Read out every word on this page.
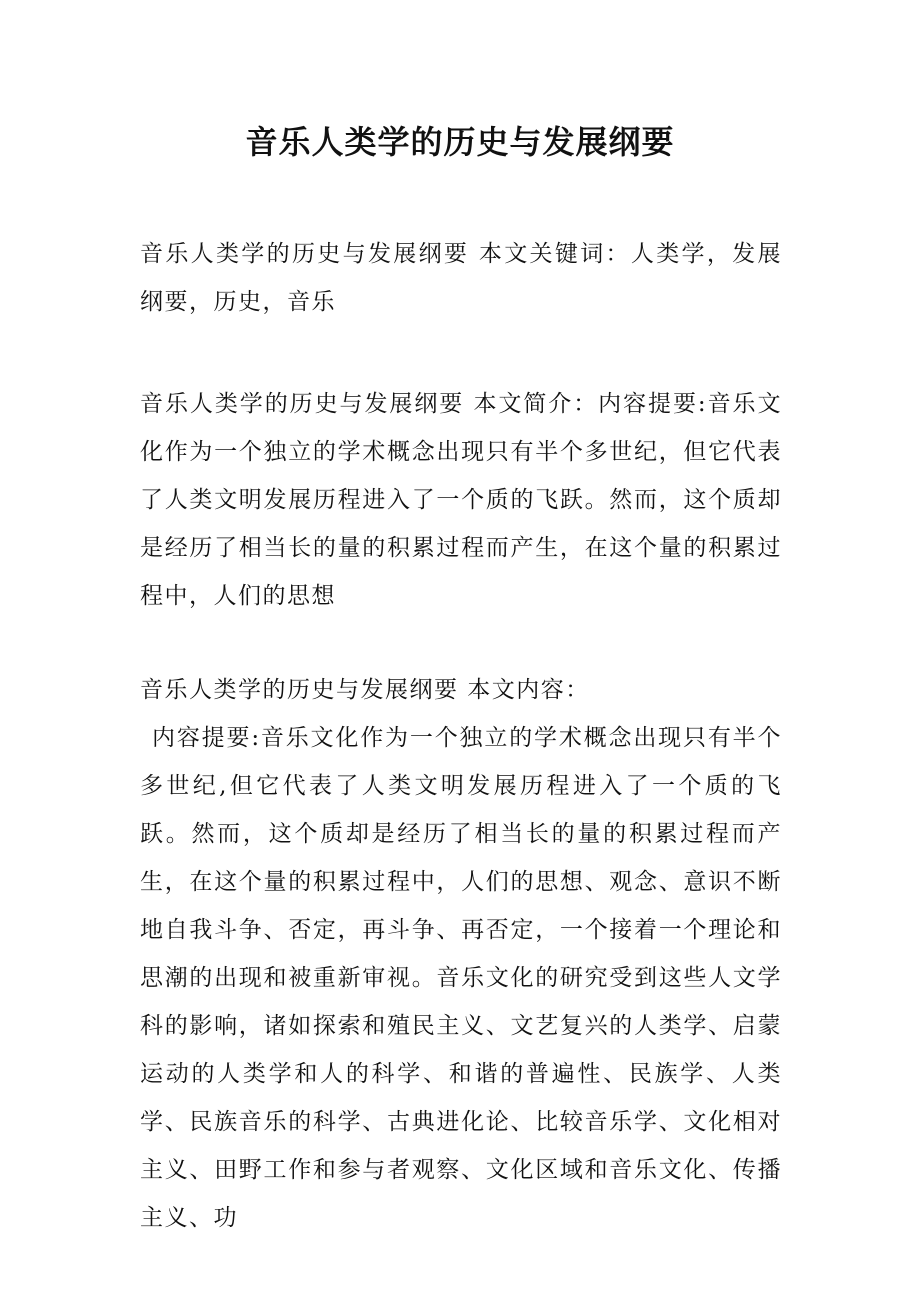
音乐人类学的历史与发展纲要

音乐人类学的历史与发展纲要 本文关键词：人类学，发展纲要，历史，音乐

音乐人类学的历史与发展纲要 本文简介：内容提要:音乐文化作为一个独立的学术概念出现只有半个多世纪，但它代表了人类文明发展历程进入了一个质的飞跃。然而，这个质却是经历了相当长的量的积累过程而产生，在这个量的积累过程中，人们的思想

音乐人类学的历史与发展纲要 本文内容：

内容提要:音乐文化作为一个独立的学术概念出现只有半个多世纪,但它代表了人类文明发展历程进入了一个质的飞跃。然而，这个质却是经历了相当长的量的积累过程而产生，在这个量的积累过程中，人们的思想、观念、意识不断地自我斗争、否定，再斗争、再否定，一个接着一个理论和思潮的出现和被重新审视。音乐文化的研究受到这些人文学科的影响，诸如探索和殖民主义、文艺复兴的人类学、启蒙运动的人类学和人的科学、和谐的普遍性、民族学、人类学、民族音乐的科学、古典进化论、比较音乐学、文化相对主义、田野工作和参与者观察、文化区域和音乐文化、传播主义、功
